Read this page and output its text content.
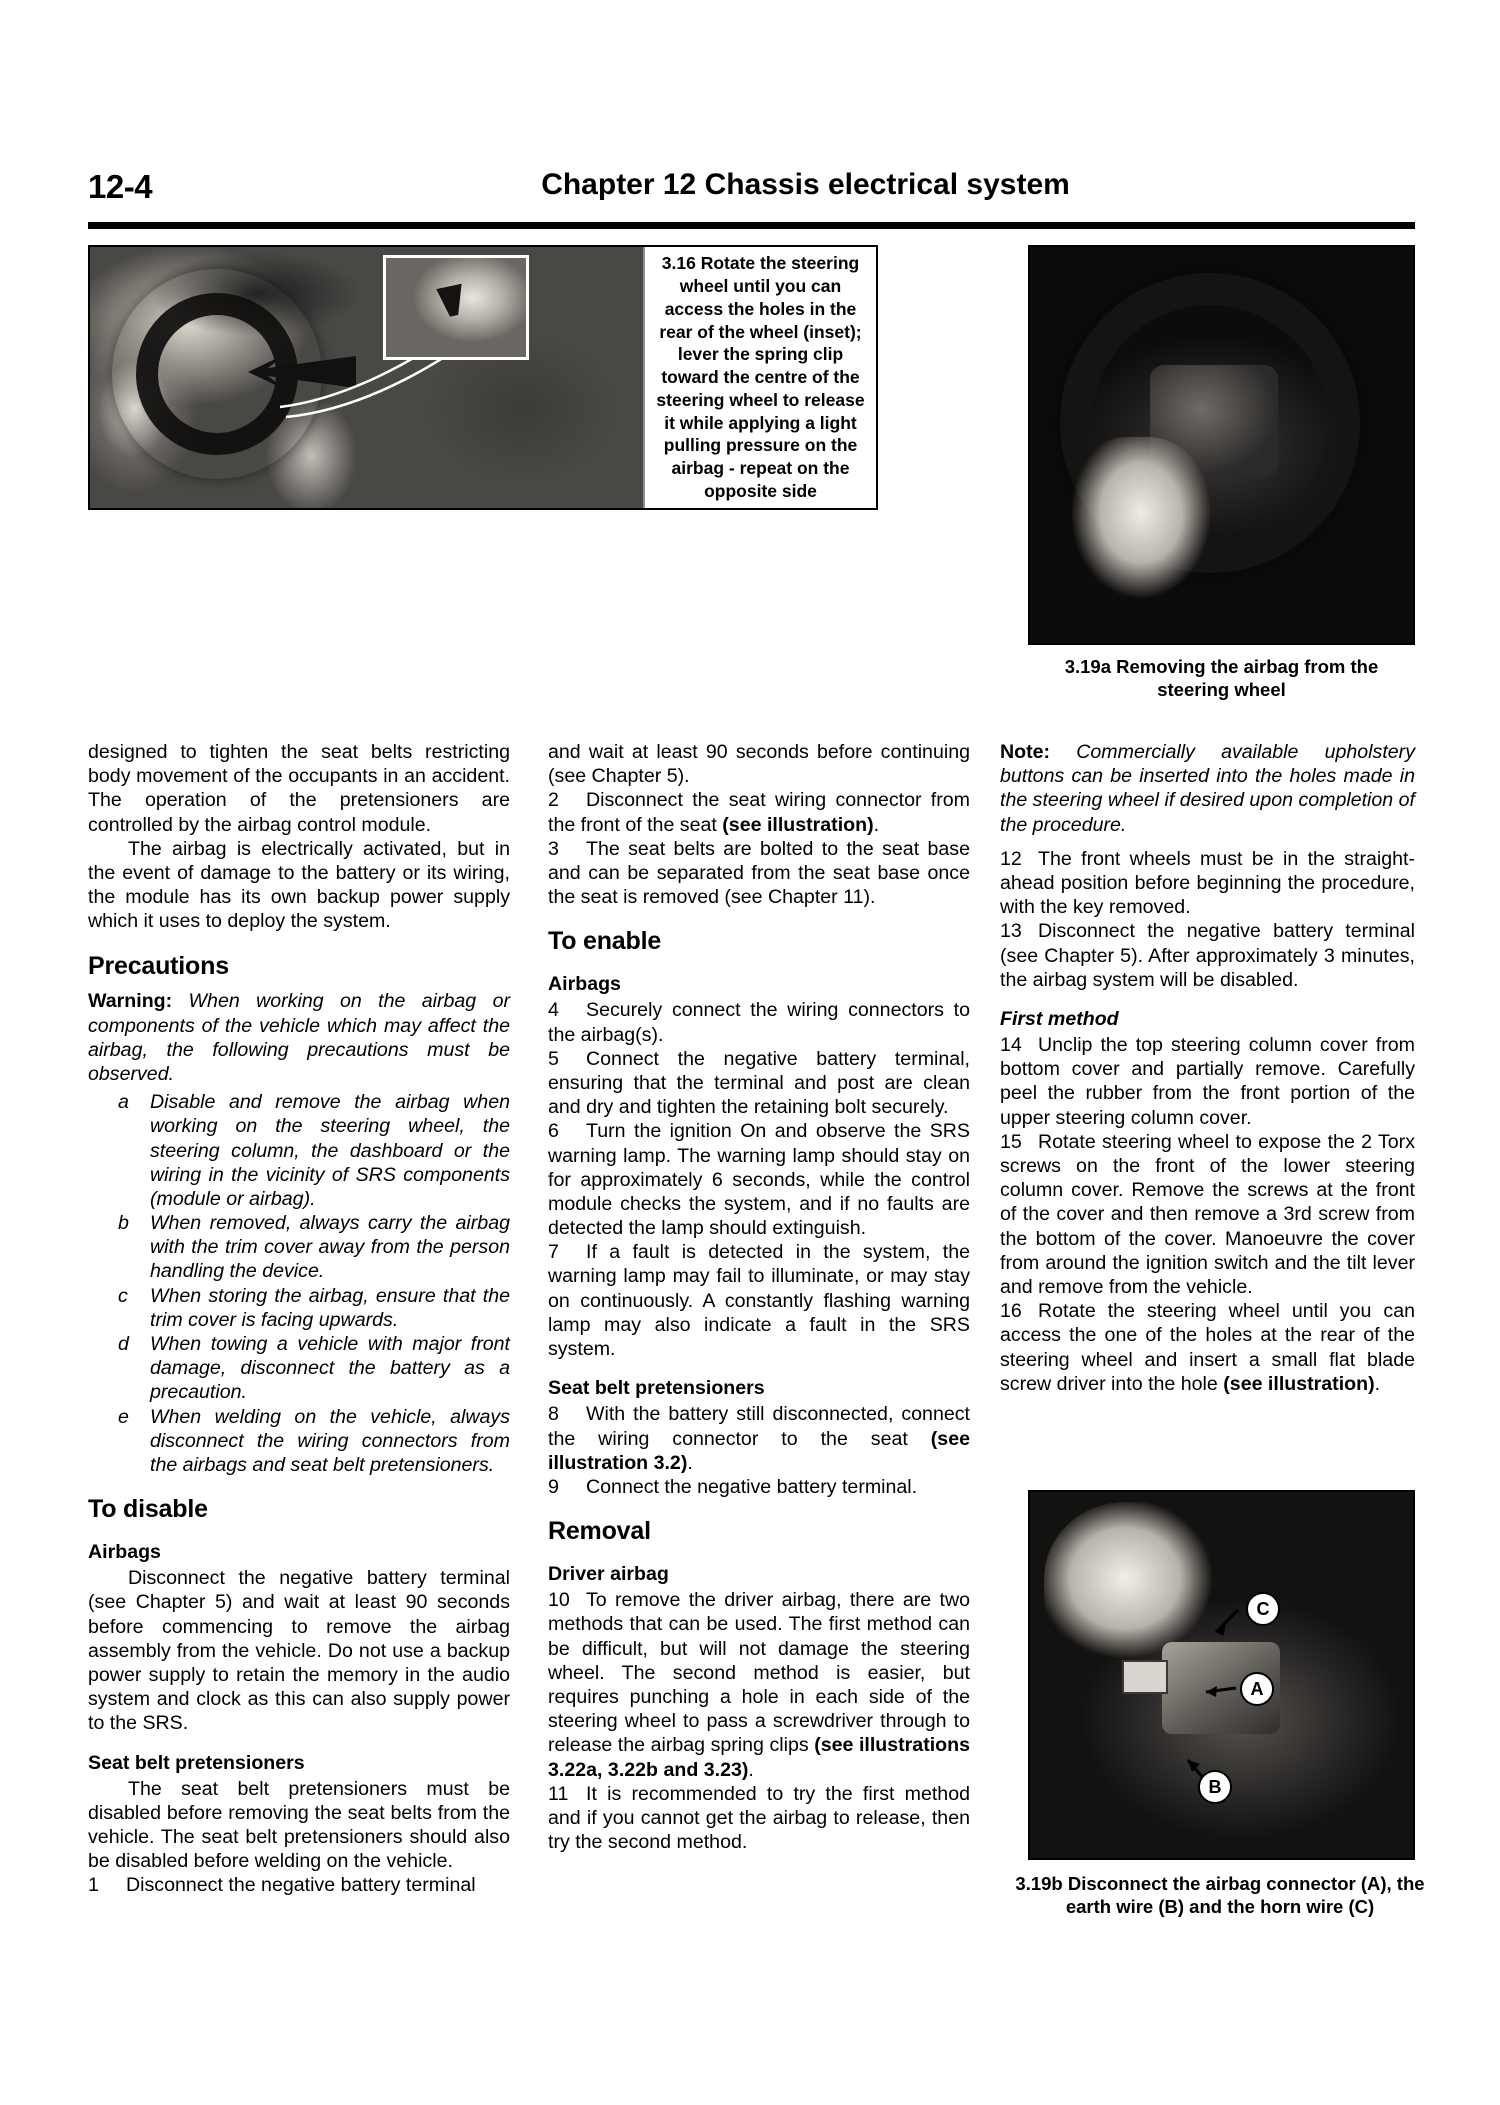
12-4	Chapter 12 Chassis electrical system
3.16 Rotate the steering wheel until you can access the holes in the rear of the wheel (inset); lever the spring clip toward the centre of the steering wheel to release it while applying a light pulling pressure on the airbag - repeat on the opposite side
3.19a Removing the airbag from the steering wheel

designed to tighten the seat belts restricting body movement of the occupants in an accident. The operation of the pretensioners are controlled by the airbag control module.

The airbag is electrically activated, but in the event of damage to the battery or its wiring, the module has its own backup power supply which it uses to deploy the system.

Precautions

Warning: When working on the airbag or components of the vehicle which may affect the airbag, the following precautions must be observed.

a Disable and remove the airbag when working on the steering wheel, the steering column, the dashboard or the wiring in the vicinity of SRS components (module or airbag).

b When removed, always carry the airbag with the trim cover away from the person handling the device.

c When storing the airbag, ensure that the trim cover is facing upwards.

d When towing a vehicle with major front damage, disconnect the battery as a precaution.

e When welding on the vehicle, always disconnect the wiring connectors from the airbags and seat belt pretensioners.

To disable

Airbags

Disconnect the negative battery terminal (see Chapter 5) and wait at least 90 seconds before commencing to remove the airbag assembly from the vehicle. Do not use a backup power supply to retain the memory in the audio system and clock as this can also supply power to the SRS.

Seat belt pretensioners

The seat belt pretensioners must be disabled before removing the seat belts from the vehicle. The seat belt pretensioners should also be disabled before welding on the vehicle.

1 Disconnect the negative battery terminal

and wait at least 90 seconds before continuing (see Chapter 5).

2 Disconnect the seat wiring connector from the front of the seat (see illustration).

3 The seat belts are bolted to the seat base and can be separated from the seat base once the seat is removed (see Chapter 11).

To enable

Airbags

4 Securely connect the wiring connectors to the airbag(s).

5 Connect the negative battery terminal, ensuring that the terminal and post are clean and dry and tighten the retaining bolt securely.

6 Turn the ignition On and observe the SRS warning lamp. The warning lamp should stay on for approximately 6 seconds, while the control module checks the system, and if no faults are detected the lamp should extinguish.

7 If a fault is detected in the system, the warning lamp may fail to illuminate, or may stay on continuously. A constantly flashing warning lamp may also indicate a fault in the SRS system.

Seat belt pretensioners

8 With the battery still disconnected, connect the wiring connector to the seat (see illustration 3.2).

9 Connect the negative battery terminal.

Removal

Driver airbag

10 To remove the driver airbag, there are two methods that can be used. The first method can be difficult, but will not damage the steering wheel. The second method is easier, but requires punching a hole in each side of the steering wheel to pass a screwdriver through to release the airbag spring clips (see illustrations 3.22a, 3.22b and 3.23).

11 It is recommended to try the first method and if you cannot get the airbag to release, then try the second method.

Note: Commercially available upholstery buttons can be inserted into the holes made in the steering wheel if desired upon completion of the procedure.

12 The front wheels must be in the straight-ahead position before beginning the procedure, with the key removed.

13 Disconnect the negative battery terminal (see Chapter 5). After approximately 3 minutes, the airbag system will be disabled.

First method

14 Unclip the top steering column cover from bottom cover and partially remove. Carefully peel the rubber from the front portion of the upper steering column cover.

15 Rotate steering wheel to expose the 2 Torx screws on the front of the lower steering column cover. Remove the screws at the front of the cover and then remove a 3rd screw from the bottom of the cover. Manoeuvre the cover from around the ignition switch and the tilt lever and remove from the vehicle.

16 Rotate the steering wheel until you can access the one of the holes at the rear of the steering wheel and insert a small flat blade screw driver into the hole (see illustration).

C
A
B
3.19b Disconnect the airbag connector (A), the earth wire (B) and the horn wire (C)
